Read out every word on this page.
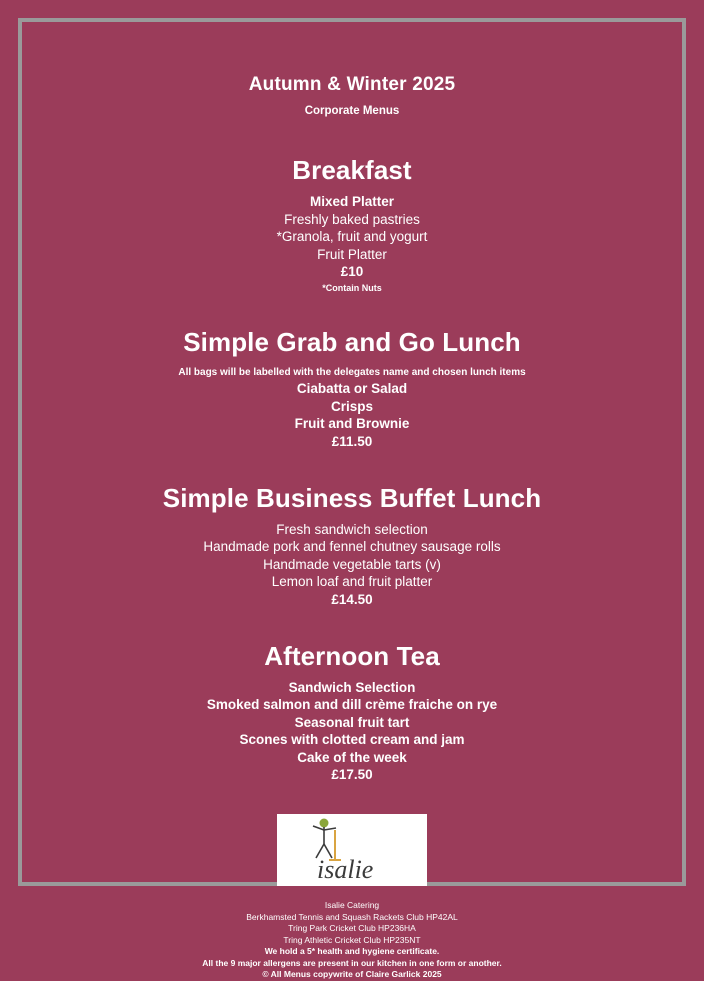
Autumn & Winter 2025
Corporate Menus
Breakfast
Mixed Platter
Freshly baked pastries
*Granola, fruit and yogurt
Fruit Platter
£10
*Contain Nuts
Simple Grab and Go Lunch
All bags will be labelled with the delegates name and chosen lunch items
Ciabatta or Salad
Crisps
Fruit and Brownie
£11.50
Simple Business Buffet Lunch
Fresh sandwich selection
Handmade pork and fennel chutney sausage rolls
Handmade vegetable tarts (v)
Lemon loaf and fruit platter
£14.50
Afternoon Tea
Sandwich Selection
Smoked salmon and dill crème fraiche on rye
Seasonal fruit tart
Scones with clotted cream and jam
Cake of the week
£17.50
isalie
Isalie Catering
Berkhamsted Tennis and Squash Rackets Club HP42AL
Tring Park Cricket Club HP236HA
Tring Athletic Cricket Club HP235NT
We hold a 5* health and hygiene certificate.
All the 9 major allergens are present in our kitchen in one form or another.
© All Menus copywrite of Claire Garlick 2025
